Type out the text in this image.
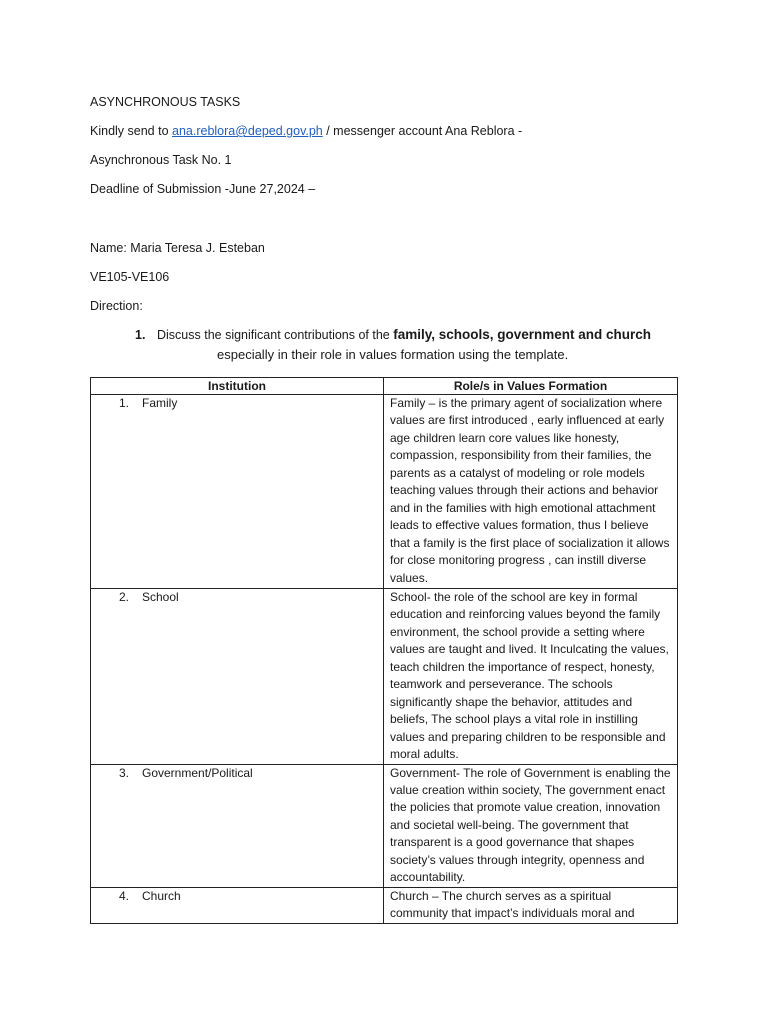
ASYNCHRONOUS TASKS
Kindly send to ana.reblora@deped.gov.ph / messenger account Ana Reblora -
Asynchronous Task No. 1
Deadline of Submission -June 27,2024 –
Name: Maria Teresa J. Esteban
VE105-VE106
Direction:
1. Discuss the significant contributions of the family, schools, government and church
especially in their role in values formation using the template.
Institution	Role/s in Values Formation

1. Family	Family – is the primary agent of socialization where values are first introduced , early influenced at early age children learn core values like honesty, compassion, responsibility from their families, the parents as a catalyst of modeling or role models teaching values through their actions and behavior and in the families with high emotional attachment leads to effective values formation, thus I believe that a family is the first place of socialization it allows for close monitoring progress , can instill diverse values.

2. School	School- the role of the school are key in formal education and reinforcing values beyond the family environment, the school provide a setting where values are taught and lived. It Inculcating the values, teach children the importance of respect, honesty, teamwork and perseverance. The schools significantly shape the behavior, attitudes and beliefs, The school plays a vital role in instilling values and preparing children to be responsible and moral adults.

3. Government/Political	Government- The role of Government is enabling the value creation within society, The government enact the policies that promote value creation, innovation and societal well-being. The government that transparent is a good governance that shapes society’s values through integrity, openness and accountability.

4. Church	Church – The church serves as a spiritual community that impact’s individuals moral and
